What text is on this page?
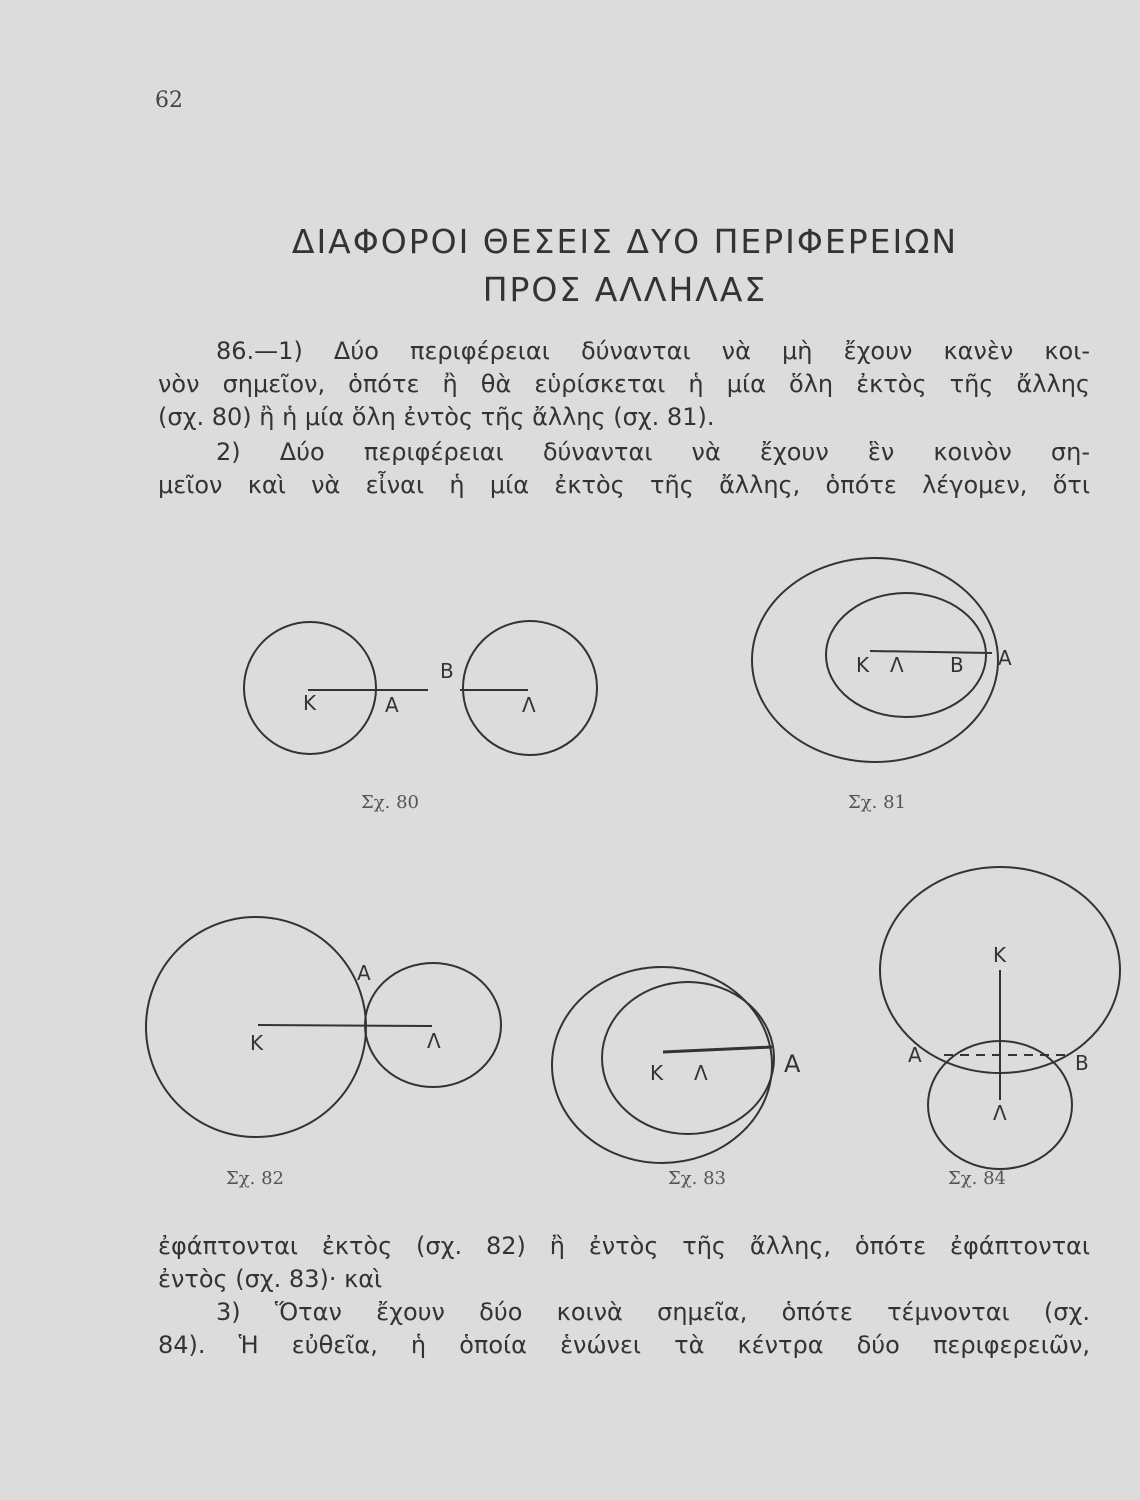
62
ΔΙΑΦΟΡΟΙ ΘΕΣΕΙΣ ΔΥΟ ΠΕΡΙΦΕΡΕΙΩΝ
ΠΡΟΣ ΑΛΛΗΛΑΣ
86.—1) Δύο περιφέρειαι δύνανται νὰ μὴ ἔχουν κανὲν κοι-
νὸν σημεῖον, ὁπότε ἢ θὰ εὑρίσκεται ἡ μία ὅλη ἐκτὸς τῆς ἄλλης
(σχ. 80) ἢ ἡ μία ὅλη ἐντὸς τῆς ἄλλης (σχ. 81).
2) Δύο περιφέρειαι δύνανται νὰ ἔχουν ἓν κοινὸν ση-
μεῖον καὶ νὰ εἶναι ἡ μία ἐκτὸς τῆς ἄλλης, ὁπότε λέγομεν, ὅτι
Κ	Α
Β
Λ
Κ Λ Β Α
Α
Κ	Λ
Κ Λ	Α
Κ
Α	Β
Λ
Σχ. 80	Σχ. 81
Σχ. 82	Σχ. 83	Σχ. 84
ἐφάπτονται ἐκτὸς (σχ. 82) ἢ ἐντὸς τῆς ἄλλης, ὁπότε ἐφάπτονται
ἐντὸς (σχ. 83)· καὶ
3) Ὅταν ἔχουν δύο κοινὰ σημεῖα, ὁπότε τέμνονται (σχ.
84). Ἡ εὐθεῖα, ἡ ὁποία ἑνώνει τὰ κέντρα δύο περιφερειῶν,
